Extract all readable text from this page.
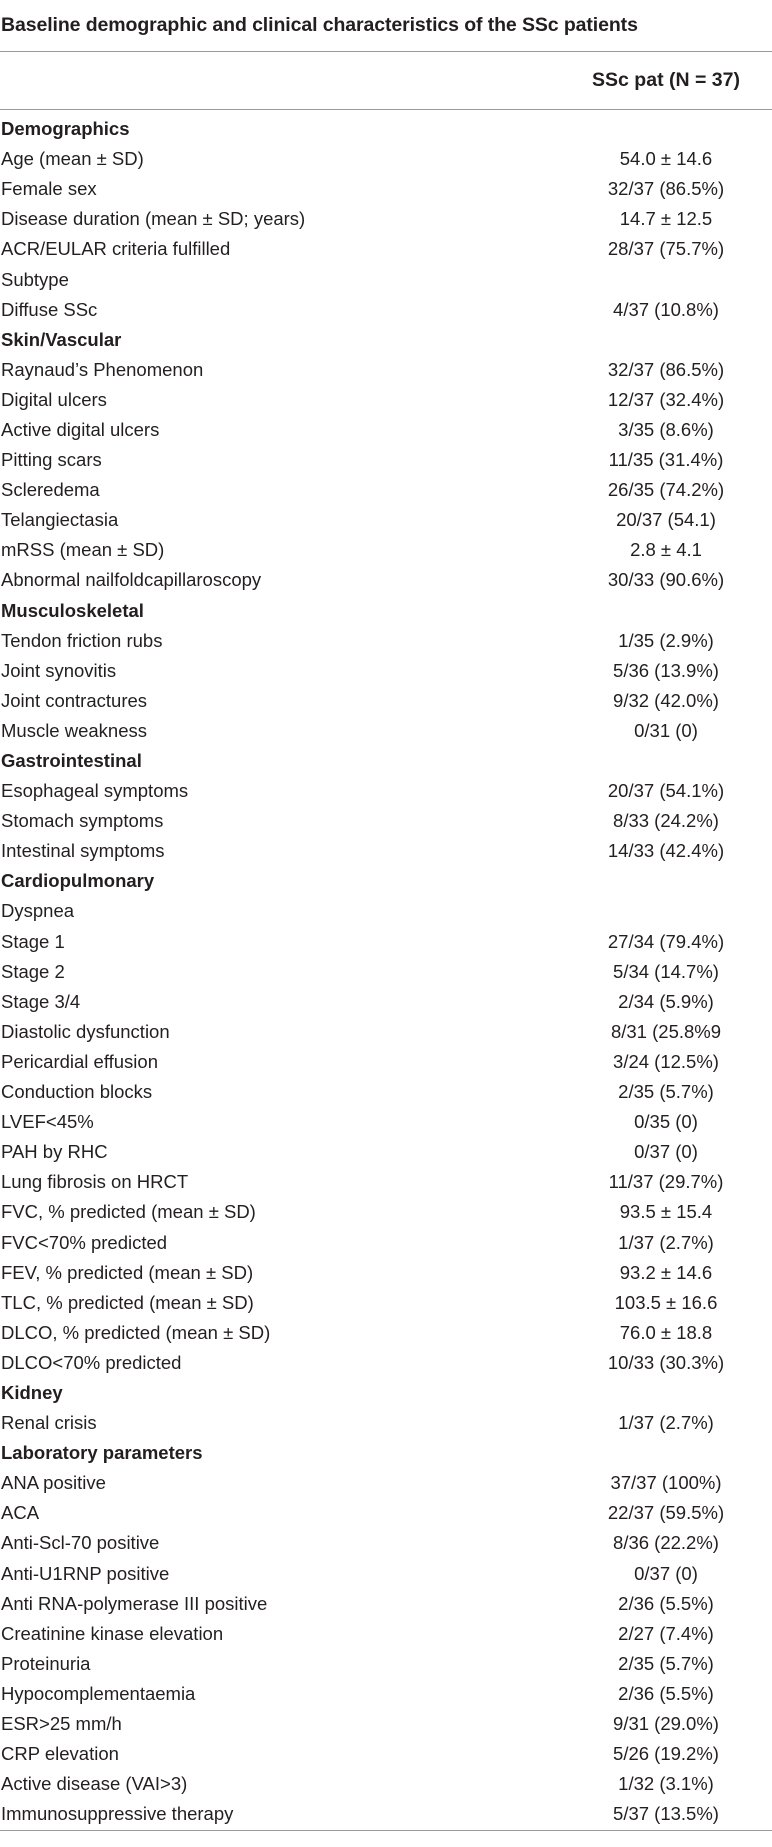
Baseline demographic and clinical characteristics of the SSc patients
SSc pat (N = 37)
Demographics
Age (mean ± SD)	54.0 ± 14.6
Female sex	32/37 (86.5%)
Disease duration (mean ± SD; years)	14.7 ± 12.5
ACR/EULAR criteria fulfilled	28/37 (75.7%)
Subtype
Diffuse SSc	4/37 (10.8%)
Skin/Vascular
Raynaud’s Phenomenon	32/37 (86.5%)
Digital ulcers	12/37 (32.4%)
Active digital ulcers	3/35 (8.6%)
Pitting scars	11/35 (31.4%)
Scleredema	26/35 (74.2%)
Telangiectasia	20/37 (54.1)
mRSS (mean ± SD)	2.8 ± 4.1
Abnormal nailfoldcapillaroscopy	30/33 (90.6%)
Musculoskeletal
Tendon friction rubs	1/35 (2.9%)
Joint synovitis	5/36 (13.9%)
Joint contractures	9/32 (42.0%)
Muscle weakness	0/31 (0)
Gastrointestinal
Esophageal symptoms	20/37 (54.1%)
Stomach symptoms	8/33 (24.2%)
Intestinal symptoms	14/33 (42.4%)
Cardiopulmonary
Dyspnea
Stage 1	27/34 (79.4%)
Stage 2	5/34 (14.7%)
Stage 3/4	2/34 (5.9%)
Diastolic dysfunction	8/31 (25.8%9
Pericardial effusion	3/24 (12.5%)
Conduction blocks	2/35 (5.7%)
LVEF<45%	0/35 (0)
PAH by RHC	0/37 (0)
Lung fibrosis on HRCT	11/37 (29.7%)
FVC, % predicted (mean ± SD)	93.5 ± 15.4
FVC<70% predicted	1/37 (2.7%)
FEV, % predicted (mean ± SD)	93.2 ± 14.6
TLC, % predicted (mean ± SD)	103.5 ± 16.6
DLCO, % predicted (mean ± SD)	76.0 ± 18.8
DLCO<70% predicted	10/33 (30.3%)
Kidney
Renal crisis	1/37 (2.7%)
Laboratory parameters
ANA positive	37/37 (100%)
ACA	22/37 (59.5%)
Anti-Scl-70 positive	8/36 (22.2%)
Anti-U1RNP positive	0/37 (0)
Anti RNA-polymerase III positive	2/36 (5.5%)
Creatinine kinase elevation	2/27 (7.4%)
Proteinuria	2/35 (5.7%)
Hypocomplementaemia	2/36 (5.5%)
ESR>25 mm/h	9/31 (29.0%)
CRP elevation	5/26 (19.2%)
Active disease (VAI>3)	1/32 (3.1%)
Immunosuppressive therapy	5/37 (13.5%)
